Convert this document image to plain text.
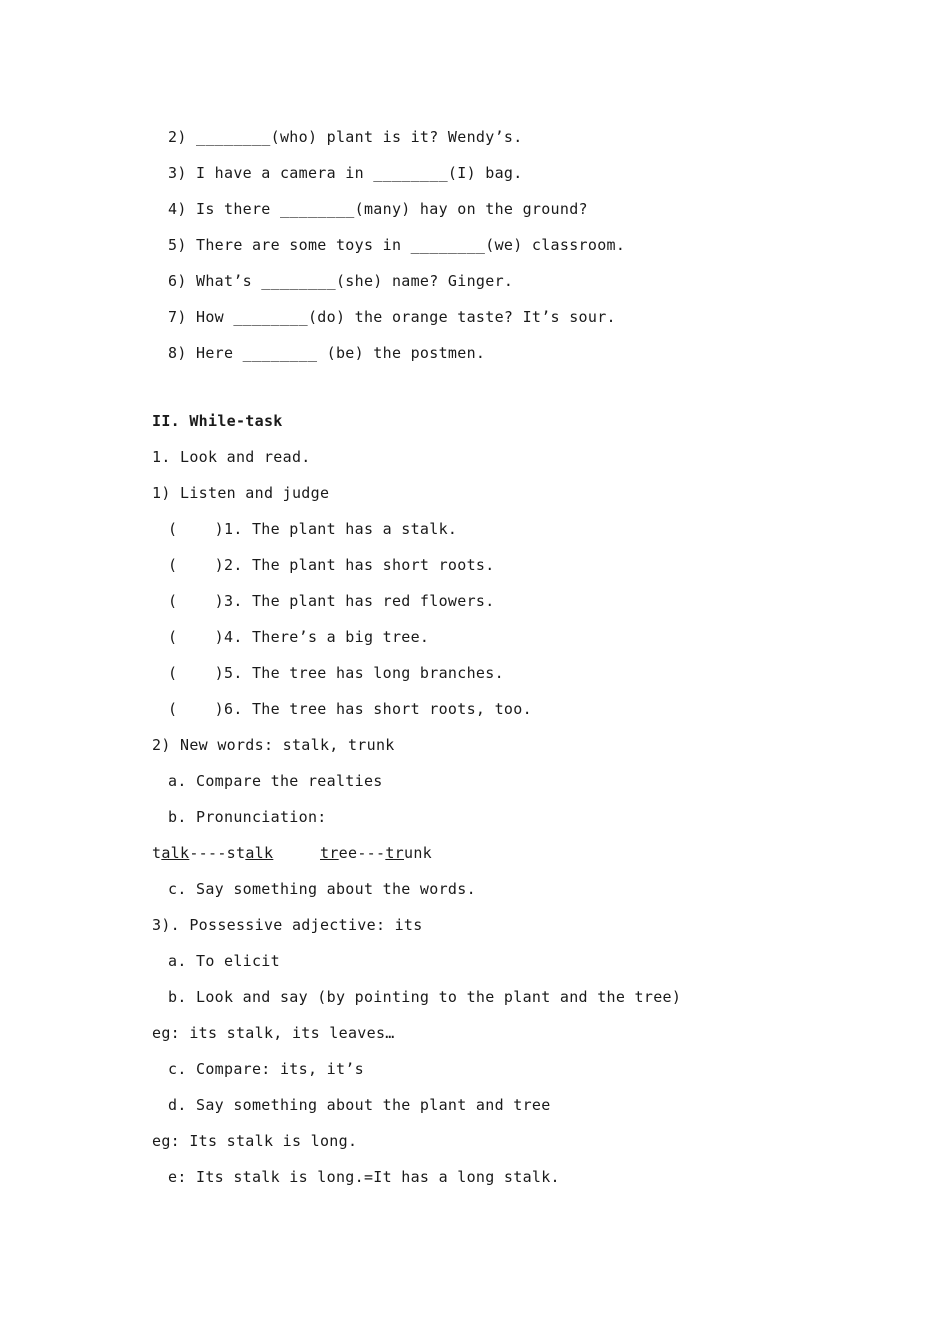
2) ________(who) plant is it? Wendy’s.
3) I have a camera in ________(I) bag.
4) Is there ________(many) hay on the ground?
5) There are some toys in ________(we) classroom.
6) What’s ________(she) name? Ginger.
7) How ________(do) the orange taste? It’s sour.
8) Here ________ (be) the postmen.
II. While-task
1. Look and read.
1) Listen and judge
(    )1. The plant has a stalk.
(    )2. The plant has short roots.
(    )3. The plant has red flowers.
(    )4. There’s a big tree.
(    )5. The tree has long branches.
(    )6. The tree has short roots, too.
2) New words: stalk, trunk
a. Compare the realties
b. Pronunciation:
talk----stalk	tree---trunk
c. Say something about the words.
3). Possessive adjective: its
a. To elicit
b. Look and say (by pointing to the plant and the tree)
eg: its stalk, its leaves…
c. Compare: its, it’s
d. Say something about the plant and tree
eg: Its stalk is long.
e: Its stalk is long.=It has a long stalk.
